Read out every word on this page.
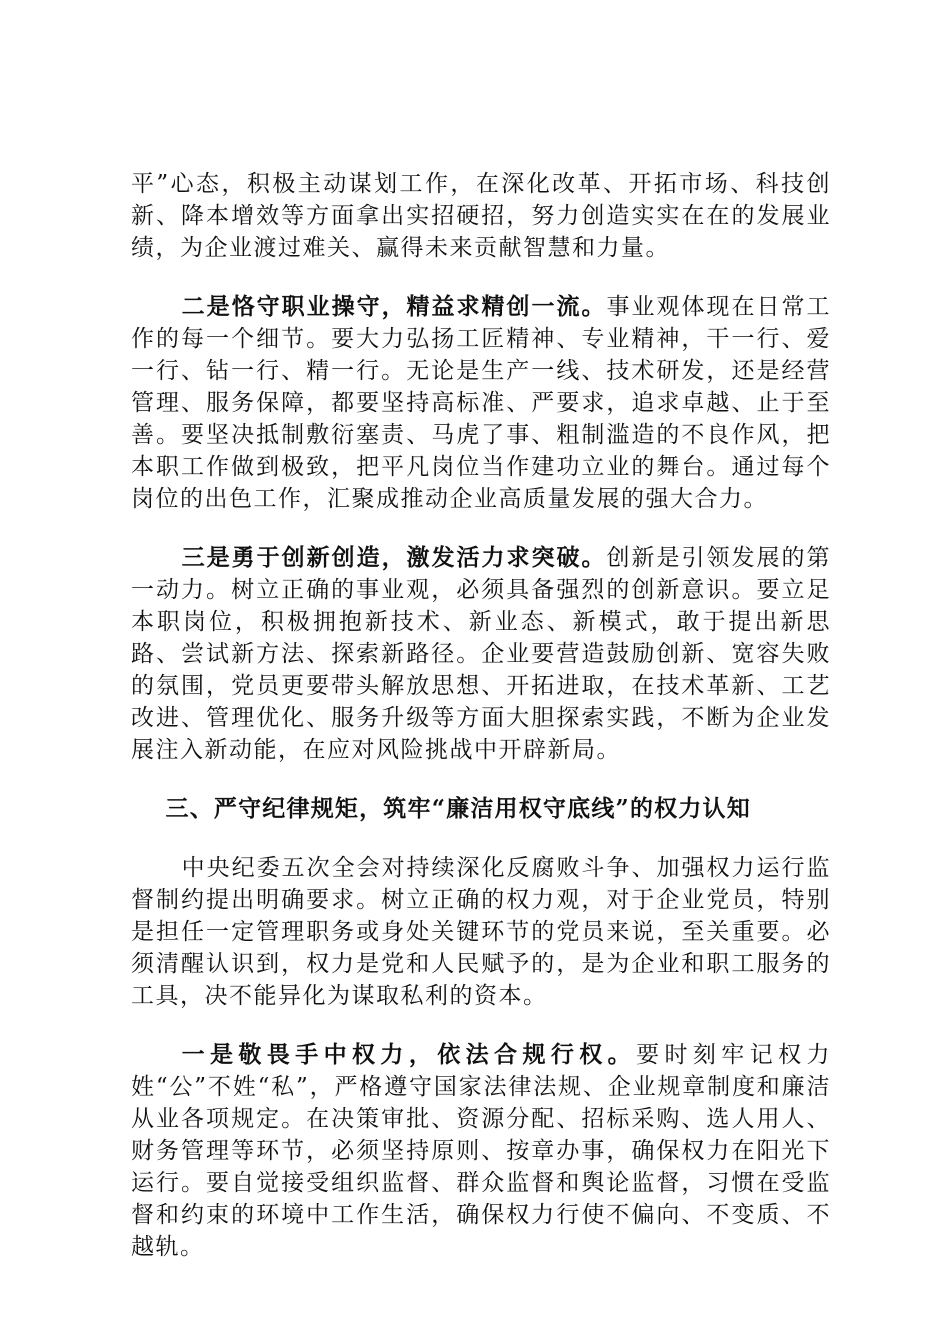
平”心态，积极主动谋划工作，在深化改革、开拓市场、科技创新、降本增效等方面拿出实招硬招，努力创造实实在在的发展业绩，为企业渡过难关、赢得未来贡献智慧和力量。

二是恪守职业操守，精益求精创一流。事业观体现在日常工作的每一个细节。要大力弘扬工匠精神、专业精神，干一行、爱一行、钻一行、精一行。无论是生产一线、技术研发，还是经营管理、服务保障，都要坚持高标准、严要求，追求卓越、止于至善。要坚决抵制敷衍塞责、马虎了事、粗制滥造的不良作风，把本职工作做到极致，把平凡岗位当作建功立业的舞台。通过每个岗位的出色工作，汇聚成推动企业高质量发展的强大合力。

三是勇于创新创造，激发活力求突破。创新是引领发展的第一动力。树立正确的事业观，必须具备强烈的创新意识。要立足本职岗位，积极拥抱新技术、新业态、新模式，敢于提出新思路、尝试新方法、探索新路径。企业要营造鼓励创新、宽容失败的氛围，党员更要带头解放思想、开拓进取，在技术革新、工艺改进、管理优化、服务升级等方面大胆探索实践，不断为企业发展注入新动能，在应对风险挑战中开辟新局。

三、严守纪律规矩，筑牢“廉洁用权守底线”的权力认知

中央纪委五次全会对持续深化反腐败斗争、加强权力运行监督制约提出明确要求。树立正确的权力观，对于企业党员，特别是担任一定管理职务或身处关键环节的党员来说，至关重要。必须清醒认识到，权力是党和人民赋予的，是为企业和职工服务的工具，决不能异化为谋取私利的资本。

一是敬畏手中权力，依法合规行权。要时刻牢记权力姓“公”不姓“私”，严格遵守国家法律法规、企业规章制度和廉洁从业各项规定。在决策审批、资源分配、招标采购、选人用人、财务管理等环节，必须坚持原则、按章办事，确保权力在阳光下运行。要自觉接受组织监督、群众监督和舆论监督，习惯在受监督和约束的环境中工作生活，确保权力行使不偏向、不变质、不越轨。
